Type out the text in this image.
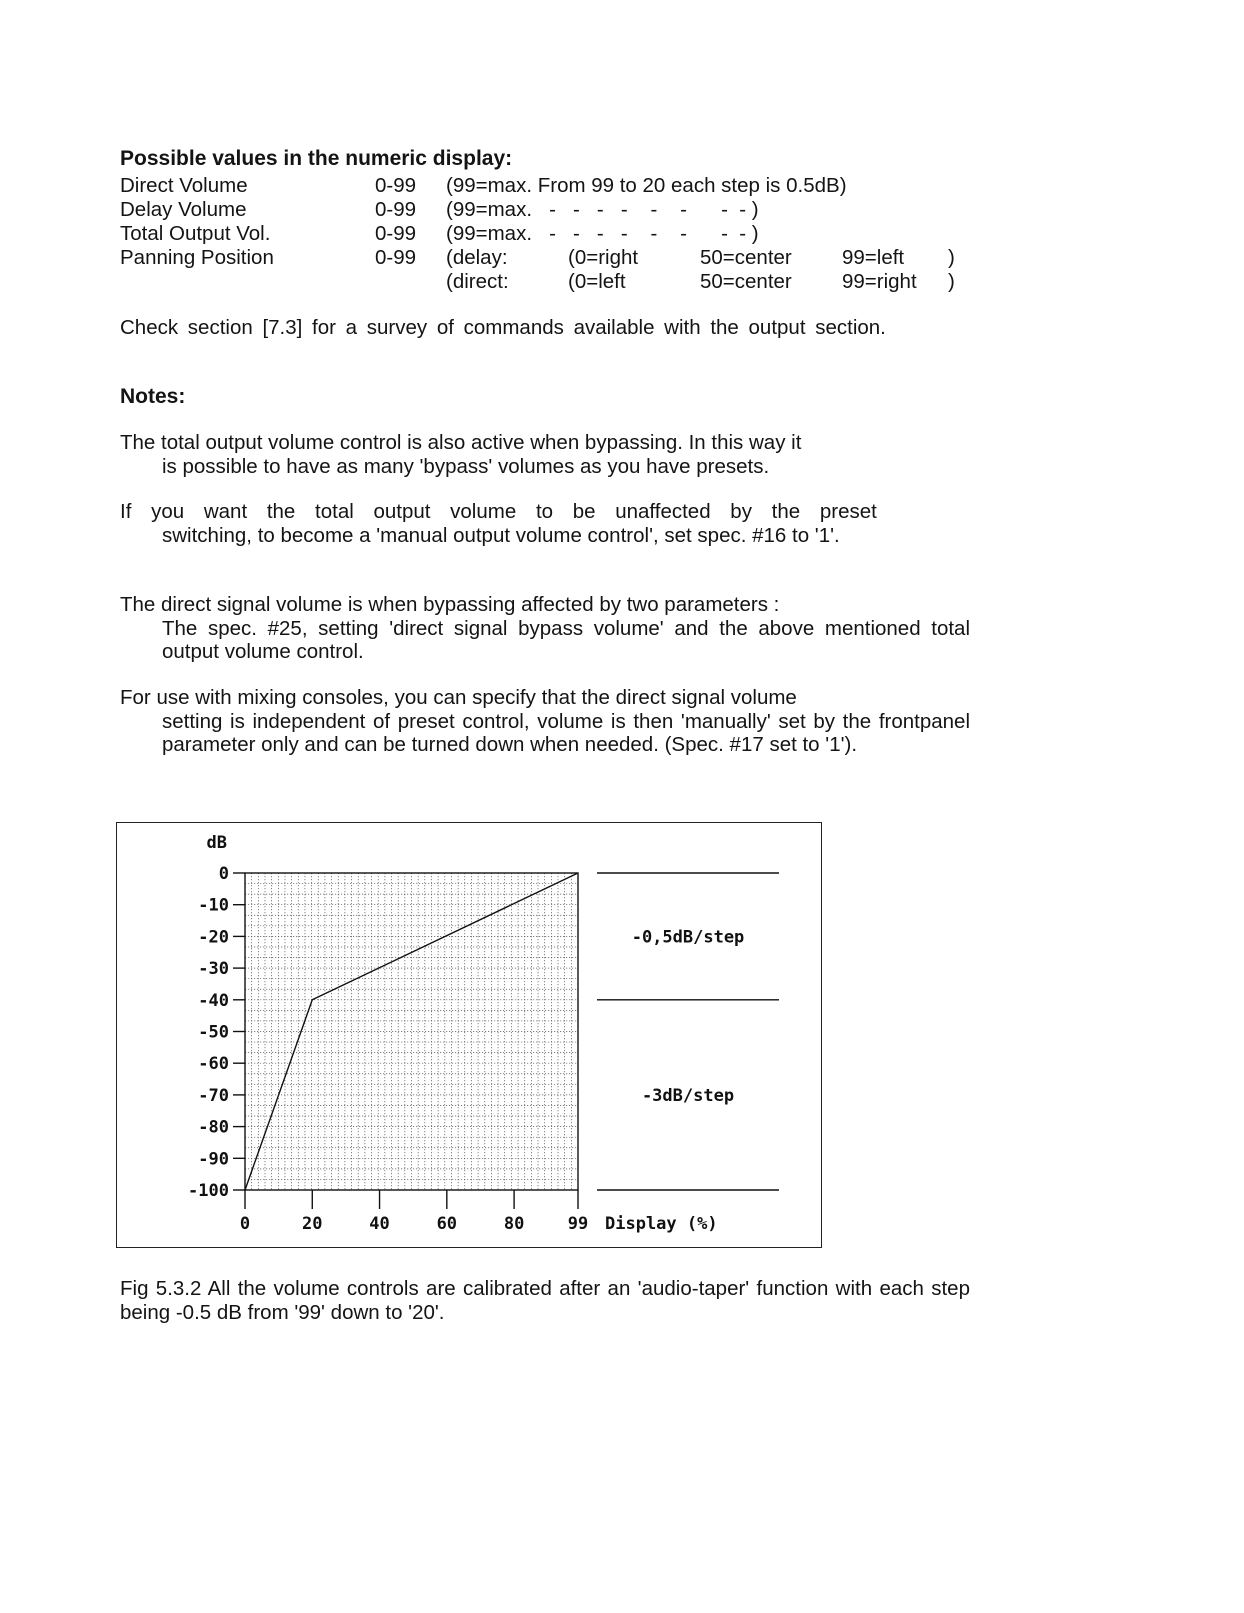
Possible values in the numeric display:
Direct Volume	0-99 (99=max. From 99 to 20 each step is 0.5dB)
Delay Volume	0-99 (99=max.   -   -   -   -    -    -      -  - )
Total Output Vol.	0-99 (99=max.   -   -   -   -    -    -      -  - )
Panning Position	0-99 (delay:	(0=right	50=center 99=left )
(direct:	(0=left	50=center 99=right )
Check section [7.3] for a survey of commands available with the output section.
Notes:
The total output volume control is also active when bypassing. In this way it
is possible to have as many 'bypass' volumes as you have presets.
If you want the total output volume to be unaffected by the preset
switching, to become a 'manual output volume control', set spec. #16 to '1'.
The direct signal volume is when bypassing affected by two parameters :
The spec. #25, setting 'direct signal bypass volume' and the above mentioned total output volume control.
For use with mixing consoles, you can specify that the direct signal volume
setting is independent of preset control, volume is then 'manually' set by the frontpanel parameter only and can be turned down when needed. (Spec. #17 set to '1').
0
-10
-20
-30
-40
-50
-60
-70
-80
-90
-100
dB
0	20	40	60	80	99 Display (%)
-0,5dB/step
-3dB/step
Fig 5.3.2 All the volume controls are calibrated after an 'audio-taper' function with each step being -0.5 dB from '99' down to '20'.
